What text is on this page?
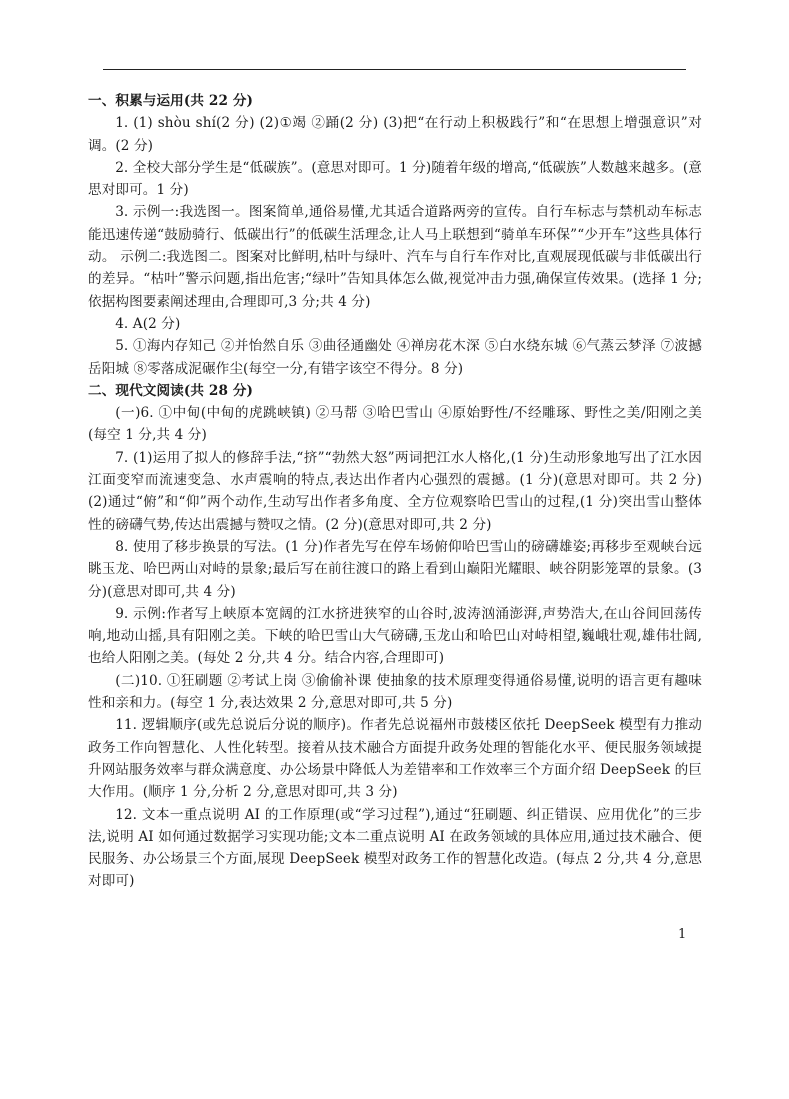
一、积累与运用(共 22 分)

1. (1) shòu shí(2 分) (2)①竭 ②踊(2 分) (3)把“在行动上积极践行”和“在思想上增强意识”对调。(2 分)

2. 全校大部分学生是“低碳族”。(意思对即可。1 分)随着年级的增高,“低碳族”人数越来越多。(意思对即可。1 分)

3. 示例一:我选图一。图案简单,通俗易懂,尤其适合道路两旁的宣传。自行车标志与禁机动车标志能迅速传递“鼓励骑行、低碳出行”的低碳生活理念,让人马上联想到“骑单车环保”“少开车”这些具体行动。 示例二:我选图二。图案对比鲜明,枯叶与绿叶、汽车与自行车作对比,直观展现低碳与非低碳出行的差异。“枯叶”警示问题,指出危害;“绿叶”告知具体怎么做,视觉冲击力强,确保宣传效果。(选择 1 分;依据构图要素阐述理由,合理即可,3 分;共 4 分)

4. A(2 分)

5. ①海内存知己 ②并怡然自乐 ③曲径通幽处 ④禅房花木深 ⑤白水绕东城 ⑥气蒸云梦泽 ⑦波撼岳阳城 ⑧零落成泥碾作尘(每空一分,有错字该空不得分。8 分)

二、现代文阅读(共 28 分)

(一)6. ①中甸(中甸的虎跳峡镇) ②马帮 ③哈巴雪山 ④原始野性/不经雕琢、野性之美/阳刚之美(每空 1 分,共 4 分)

7. (1)运用了拟人的修辞手法,“挤”“勃然大怒”两词把江水人格化,(1 分)生动形象地写出了江水因江面变窄而流速变急、水声震响的特点,表达出作者内心强烈的震撼。(1 分)(意思对即可。共 2 分) (2)通过“俯”和“仰”两个动作,生动写出作者多角度、全方位观察哈巴雪山的过程,(1 分)突出雪山整体性的磅礴气势,传达出震撼与赞叹之情。(2 分)(意思对即可,共 2 分)

8. 使用了移步换景的写法。(1 分)作者先写在停车场俯仰哈巴雪山的磅礴雄姿;再移步至观峡台远眺玉龙、哈巴两山对峙的景象;最后写在前往渡口的路上看到山巅阳光耀眼、峡谷阴影笼罩的景象。(3 分)(意思对即可,共 4 分)

9. 示例:作者写上峡原本宽阔的江水挤进狭窄的山谷时,波涛汹涌澎湃,声势浩大,在山谷间回荡传响,地动山摇,具有阳刚之美。下峡的哈巴雪山大气磅礴,玉龙山和哈巴山对峙相望,巍峨壮观,雄伟壮阔,也给人阳刚之美。(每处 2 分,共 4 分。结合内容,合理即可)

(二)10. ①狂刷题 ②考试上岗 ③偷偷补课 使抽象的技术原理变得通俗易懂,说明的语言更有趣味性和亲和力。(每空 1 分,表达效果 2 分,意思对即可,共 5 分)

11. 逻辑顺序(或先总说后分说的顺序)。作者先总说福州市鼓楼区依托 DeepSeek 模型有力推动政务工作向智慧化、人性化转型。接着从技术融合方面提升政务处理的智能化水平、便民服务领域提升网站服务效率与群众满意度、办公场景中降低人为差错率和工作效率三个方面介绍 DeepSeek 的巨大作用。(顺序 1 分,分析 2 分,意思对即可,共 3 分)

12. 文本一重点说明 AI 的工作原理(或“学习过程”),通过“狂刷题、纠正错误、应用优化”的三步法,说明 AI 如何通过数据学习实现功能;文本二重点说明 AI 在政务领域的具体应用,通过技术融合、便民服务、办公场景三个方面,展现 DeepSeek 模型对政务工作的智慧化改造。(每点 2 分,共 4 分,意思对即可)

1
